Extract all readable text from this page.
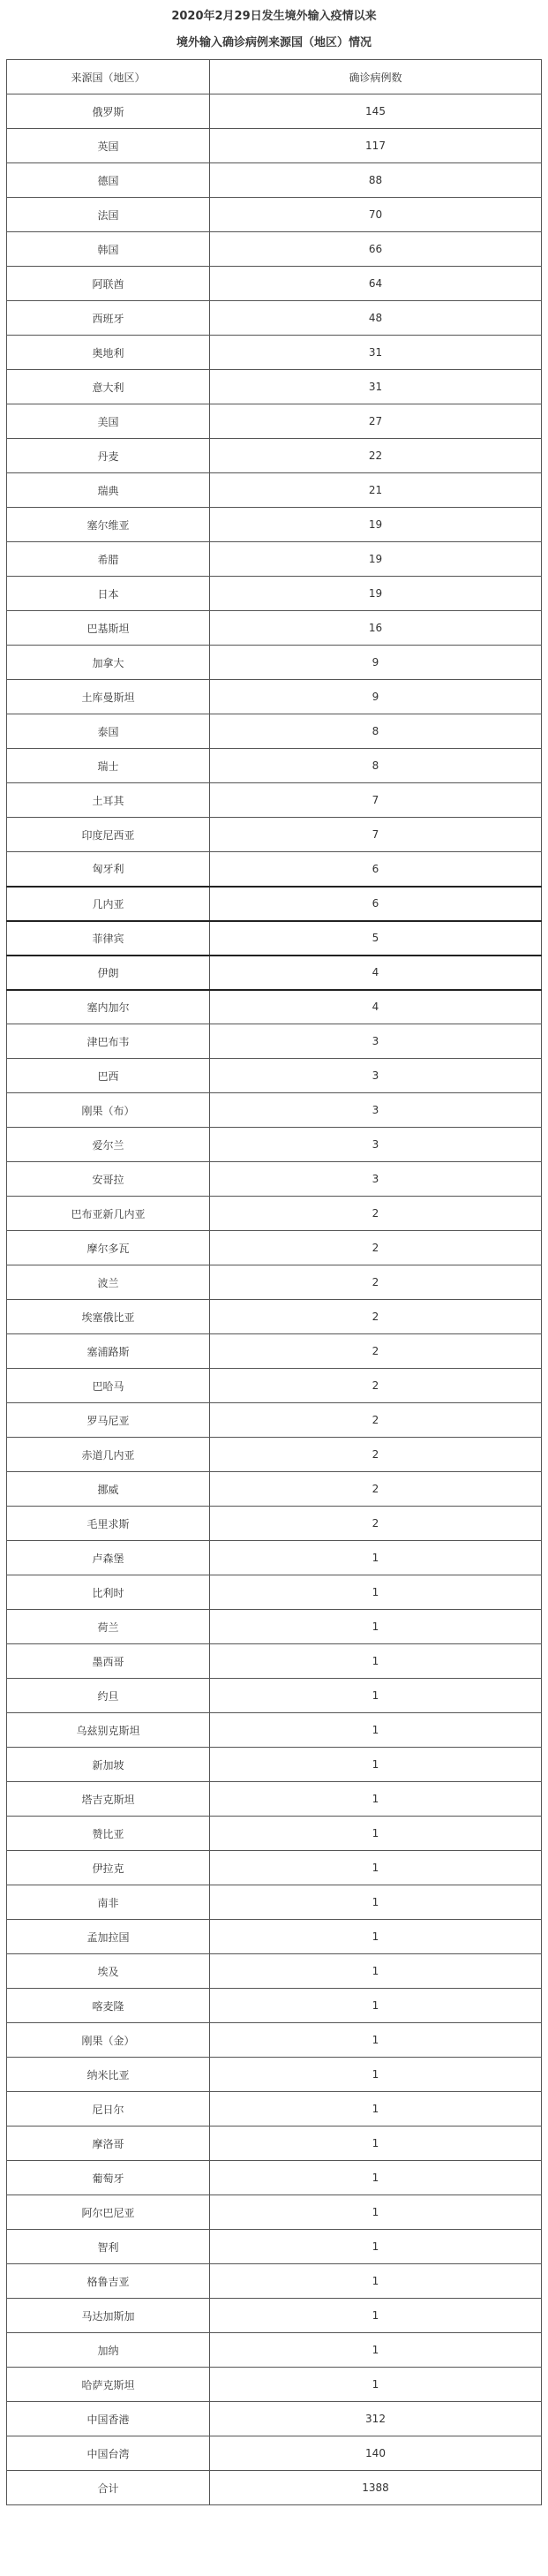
2020年2月29日发生境外输入疫情以来

境外输入确诊病例来源国（地区）情况

来源国（地区）	确诊病例数
俄罗斯	145
英国	117
德国	88
法国	70
韩国	66
阿联酋	64
西班牙	48
奥地利	31
意大利	31
美国	27
丹麦	22
瑞典	21
塞尔维亚	19
希腊	19
日本	19
巴基斯坦	16
加拿大	9
土库曼斯坦	9
泰国	8
瑞士	8
土耳其	7
印度尼西亚	7
匈牙利	6
几内亚	6
菲律宾	5
伊朗	4
塞内加尔	4
津巴布韦	3
巴西	3
刚果（布）	3
爱尔兰	3
安哥拉	3
巴布亚新几内亚	2
摩尔多瓦	2
波兰	2
埃塞俄比亚	2
塞浦路斯	2
巴哈马	2
罗马尼亚	2
赤道几内亚	2
挪威	2
毛里求斯	2
卢森堡	1
比利时	1
荷兰	1
墨西哥	1
约旦	1
乌兹别克斯坦	1
新加坡	1
塔吉克斯坦	1
赞比亚	1
伊拉克	1
南非	1
孟加拉国	1
埃及	1
喀麦隆	1
刚果（金）	1
纳米比亚	1
尼日尔	1
摩洛哥	1
葡萄牙	1
阿尔巴尼亚	1
智利	1
格鲁吉亚	1
马达加斯加	1
加纳	1
哈萨克斯坦	1
中国香港	312
中国台湾	140
合计	1388
